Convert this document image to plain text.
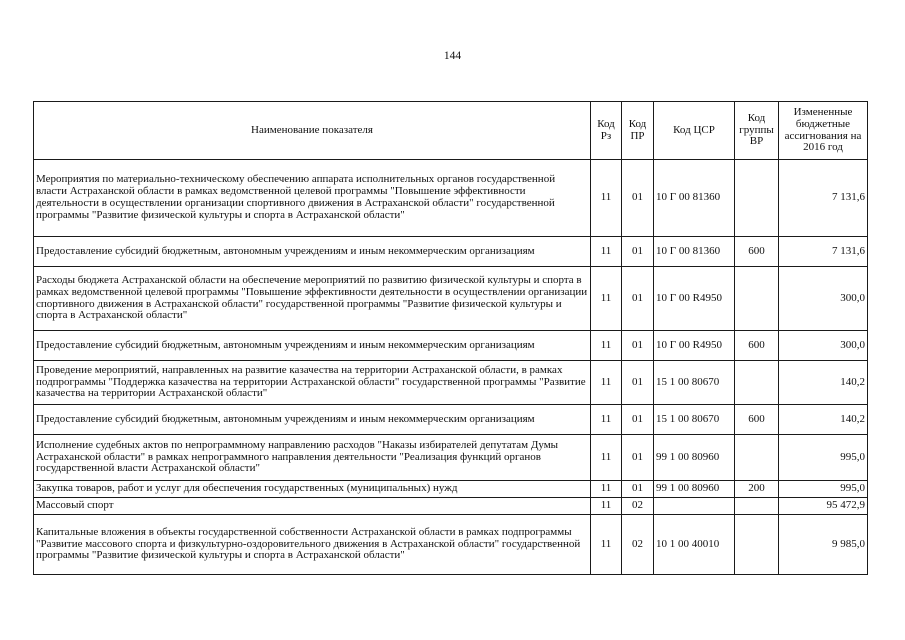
144
Наименование показателя	Код Рз	Код ПР	Код ЦСР	Код группы ВР	Измененные бюджетные ассигнования на 2016 год
Мероприятия по материально-техническому обеспечению аппарата исполнительных органов государственной власти Астраханской области в рамках ведомственной целевой программы "Повышение эффективности деятельности в осуществлении организации спортивного движения в Астраханской области" государственной программы "Развитие физической культуры и спорта в Астраханской области"	11	01	10 Г 00 81360		7 131,6
Предоставление субсидий бюджетным, автономным учреждениям и иным некоммерческим организациям	11	01	10 Г 00 81360	600	7 131,6
Расходы бюджета Астраханской области на обеспечение мероприятий по развитию физической культуры и спорта в рамках ведомственной целевой программы "Повышение эффективности деятельности в осуществлении организации спортивного движения в Астраханской области" государственной программы "Развитие физической культуры и спорта в Астраханской области"	11	01	10 Г 00 R4950		300,0
Предоставление субсидий бюджетным, автономным учреждениям и иным некоммерческим организациям	11	01	10 Г 00 R4950	600	300,0
Проведение мероприятий, направленных на развитие казачества на территории Астраханской области, в рамках подпрограммы "Поддержка казачества на территории Астраханской области" государственной программы "Развитие казачества на территории Астраханской области"	11	01	15 1 00 80670		140,2
Предоставление субсидий бюджетным, автономным учреждениям и иным некоммерческим организациям	11	01	15 1 00 80670	600	140,2
Исполнение судебных актов по непрограммному направлению расходов "Наказы избирателей депутатам Думы Астраханской области" в рамках непрограммного направления деятельности "Реализация функций органов государственной власти Астраханской области"	11	01	99 1 00 80960		995,0
Закупка товаров, работ и услуг для обеспечения государственных (муниципальных) нужд	11	01	99 1 00 80960	200	995,0
Массовый спорт	11	02			95 472,9
Капитальные вложения в объекты государственной собственности Астраханской области в рамках подпрограммы "Развитие массового спорта и физкультурно-оздоровительного движения в Астраханской области" государственной программы "Развитие физической культуры и спорта в Астраханской области"	11	02	10 1 00 40010		9 985,0
